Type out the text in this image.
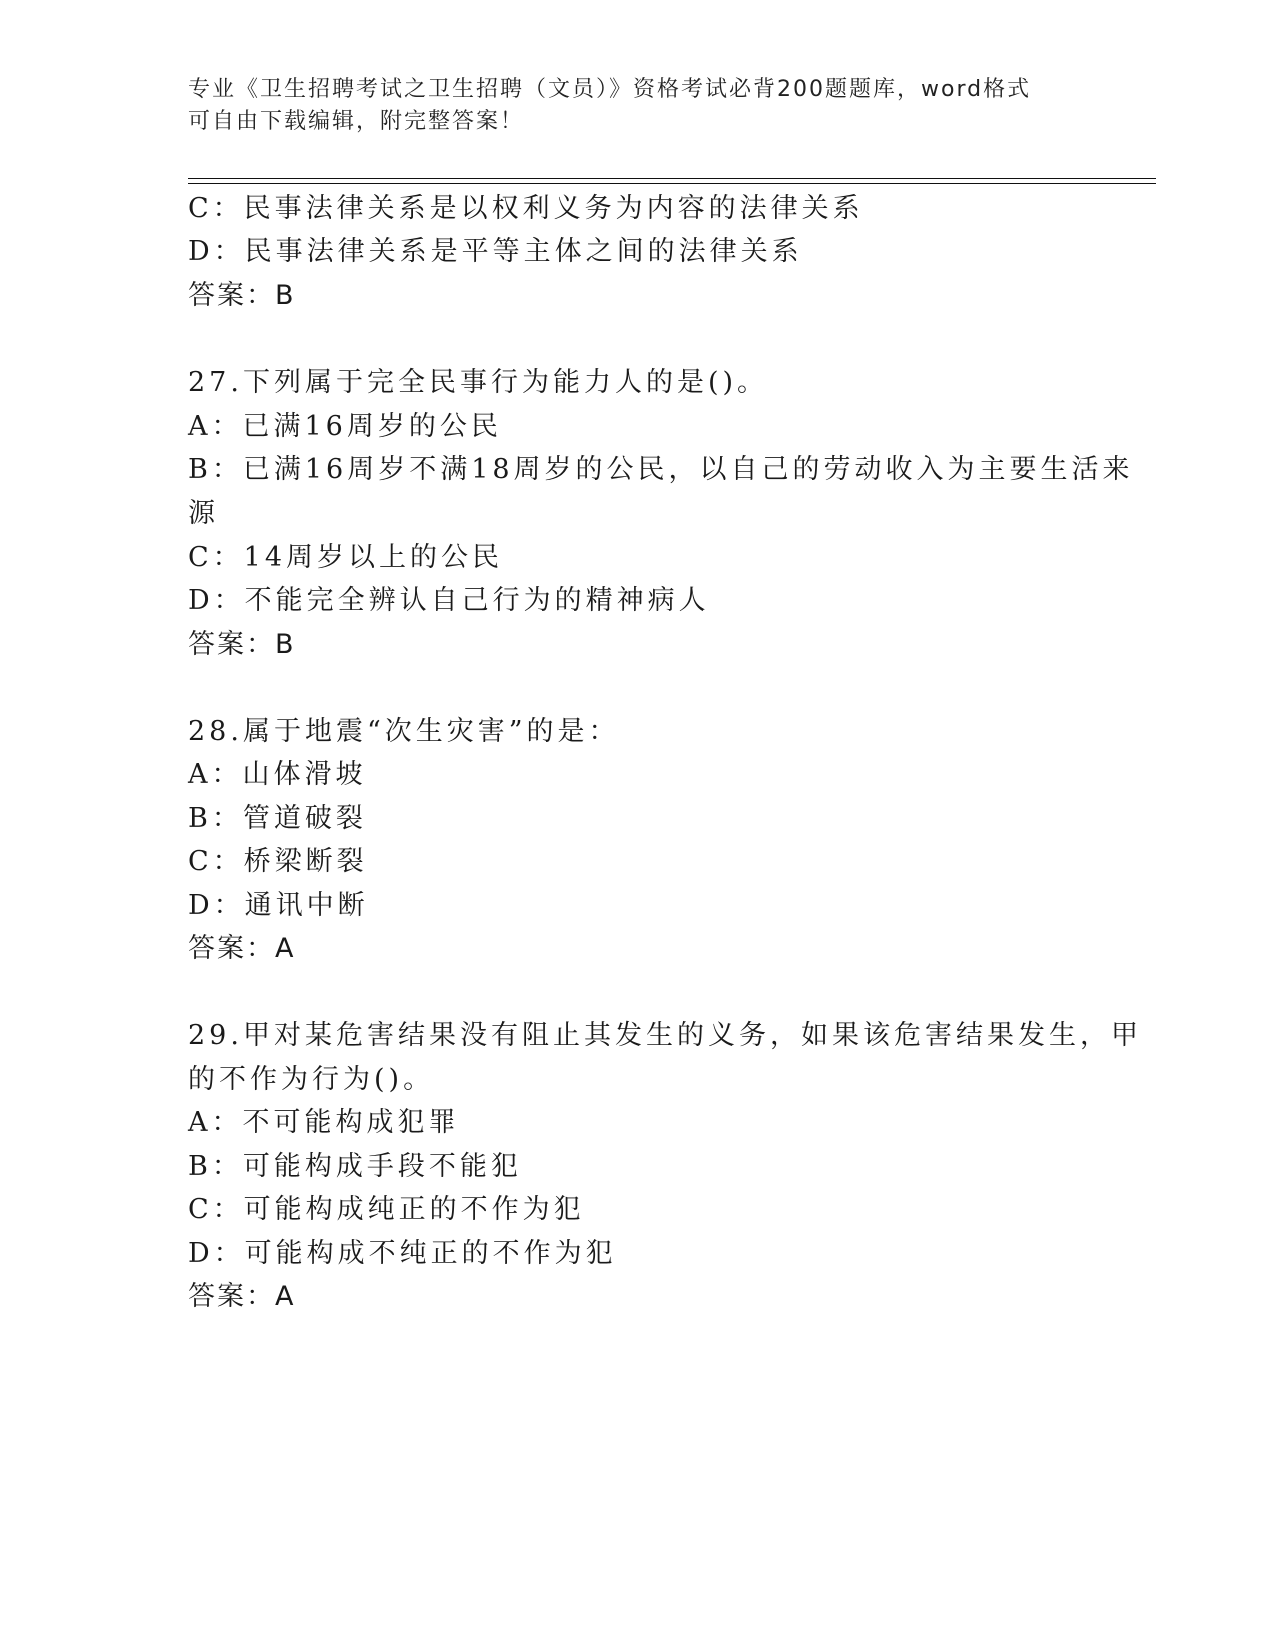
专业《卫生招聘考试之卫生招聘（文员）》资格考试必背200题题库，word格式
可自由下载编辑，附完整答案！
C：民事法律关系是以权利义务为内容的法律关系
D：民事法律关系是平等主体之间的法律关系
答案：B
27.下列属于完全民事行为能力人的是()。
A：已满16周岁的公民
B：已满16周岁不满18周岁的公民，以自己的劳动收入为主要生活来
源
C：14周岁以上的公民
D：不能完全辨认自己行为的精神病人
答案：B
28.属于地震“次生灾害”的是：
A：山体滑坡
B：管道破裂
C：桥梁断裂
D：通讯中断
答案：A
29.甲对某危害结果没有阻止其发生的义务，如果该危害结果发生，甲
的不作为行为()。
A：不可能构成犯罪
B：可能构成手段不能犯
C：可能构成纯正的不作为犯
D：可能构成不纯正的不作为犯
答案：A
